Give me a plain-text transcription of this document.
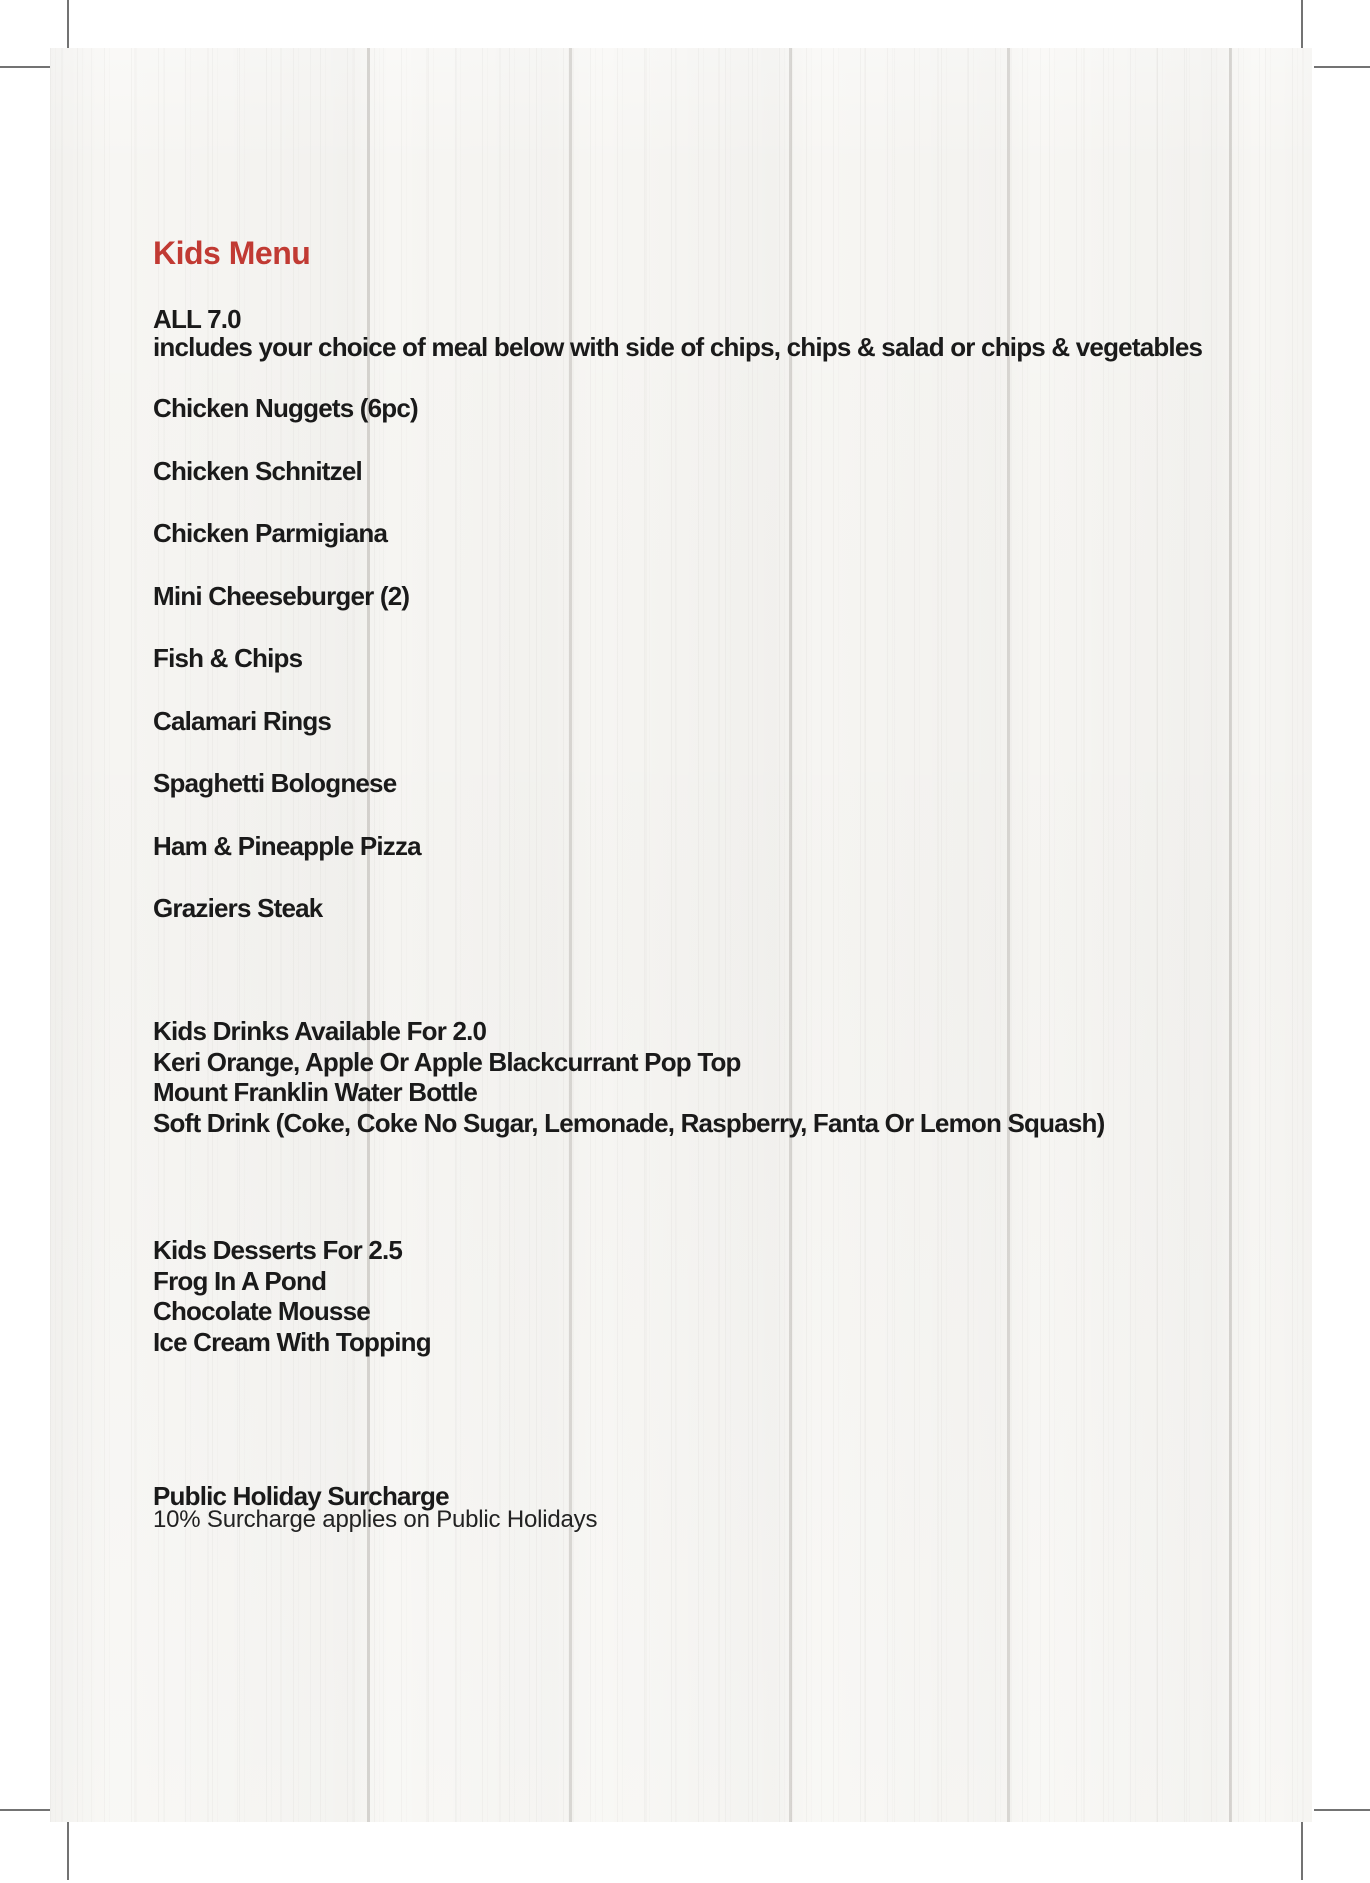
Kids Menu
ALL 7.0
includes your choice of meal below with side of chips, chips & salad or chips & vegetables
Chicken Nuggets (6pc)
Chicken Schnitzel
Chicken Parmigiana
Mini Cheeseburger (2)
Fish & Chips
Calamari Rings
Spaghetti Bolognese
Ham & Pineapple Pizza
Graziers Steak
Kids Drinks Available For 2.0
Keri Orange, Apple Or Apple Blackcurrant Pop Top
Mount Franklin Water Bottle
Soft Drink (Coke, Coke No Sugar, Lemonade, Raspberry, Fanta Or Lemon Squash)
Kids Desserts For 2.5
Frog In A Pond
Chocolate Mousse
Ice Cream With Topping
Public Holiday Surcharge
10% Surcharge applies on Public Holidays
